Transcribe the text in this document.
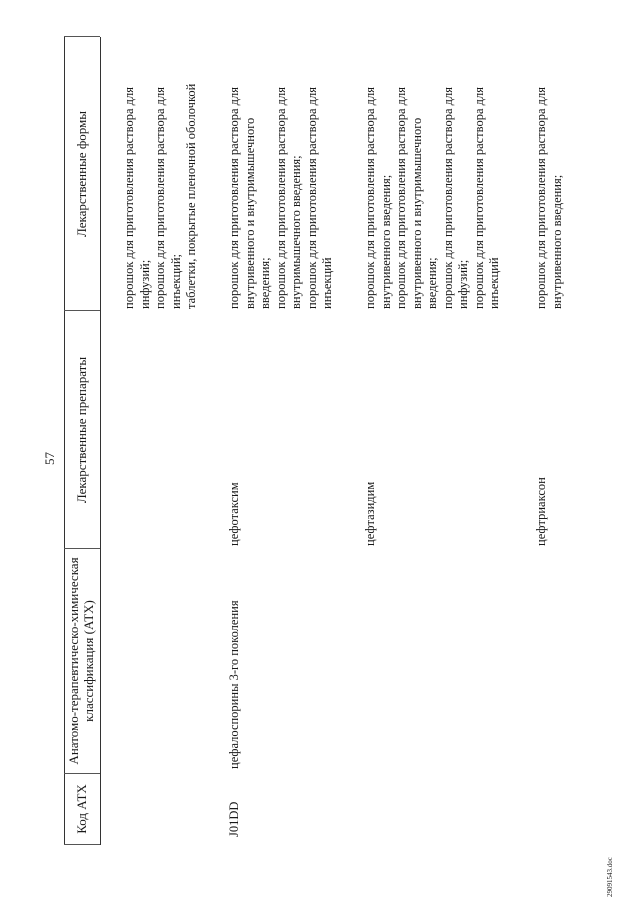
57
Код АТХ
Анатомо-терапевтическо-химическая классификация (АТХ)
Лекарственные препараты
Лекарственные формы	порошок для приготовления раствора для инфузий; порошок для приготовления раствора для инъекций; таблетки, покрытые пленочной оболочкой
J01DD
цефалоспорины 3-го поколения
цефотаксим
порошок для приготовления раствора для внутривенного и внутримышечного введения; порошок для приготовления раствора для внутримышечного введения; порошок для приготовления раствора для инъекций
цефтазидим
порошок для приготовления раствора для внутривенного введения; порошок для приготовления раствора для внутривенного и внутримышечного введения; порошок для приготовления раствора для инфузий; порошок для приготовления раствора для инъекций
цефтриаксон
порошок для приготовления раствора для внутривенного введения;
29091543.doc
